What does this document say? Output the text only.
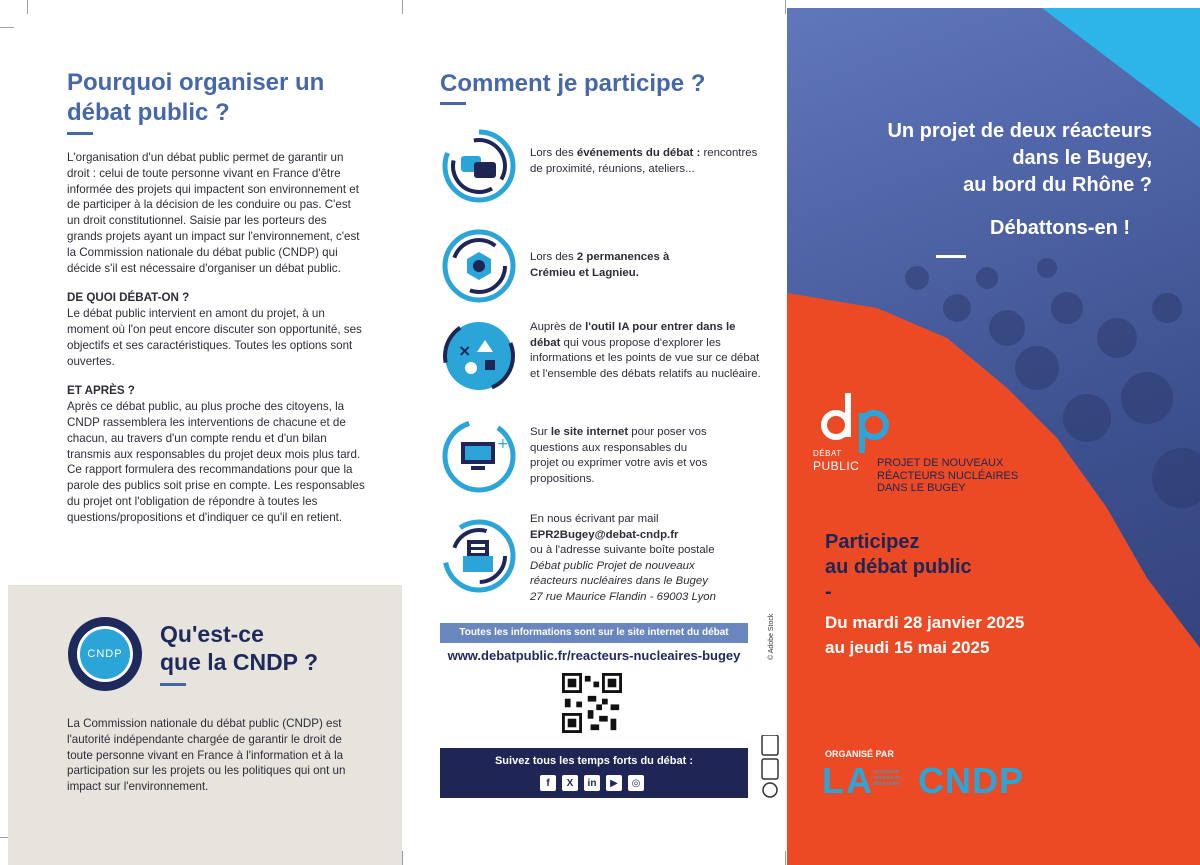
Pourquoi organiser un débat public ?

L'organisation d'un débat public permet de garantir un droit : celui de toute personne vivant en France d'être informée des projets qui impactent son environnement et de participer à la décision de les conduire ou pas. C'est un droit constitutionnel. Saisie par les porteurs des grands projets ayant un impact sur l'environnement, c'est la Commission nationale du débat public (CNDP) qui décide s'il est nécessaire d'organiser un débat public.

DE QUOI DÉBAT-ON ?

Le débat public intervient en amont du projet, à un moment où l'on peut encore discuter son opportunité, ses objectifs et ses caractéristiques. Toutes les options sont ouvertes.

ET APRÈS ?

Après ce débat public, au plus proche des citoyens, la CNDP rassemblera les interventions de chacune et de chacun, au travers d'un compte rendu et d'un bilan transmis aux responsables du projet deux mois plus tard. Ce rapport formulera des recommandations pour que la parole des publics soit prise en compte. Les responsables du projet ont l'obligation de répondre à toutes les questions/propositions et d'indiquer ce qu'il en retient.

CNDP
Qu'est-ce
que la CNDP ?
La Commission nationale du débat public (CNDP) est l'autorité indépendante chargée de garantir le droit de toute personne vivant en France à l'information et à la participation sur les projets ou les politiques qui ont un impact sur l'environnement.
Comment je participe ?
Lors des événements du débat : rencontres de proximité, réunions, ateliers...
Lors des 2 permanences à Crémieu et Lagnieu.
×
Auprès de l'outil IA pour entrer dans le débat qui vous propose d'explorer les informations et les points de vue sur ce débat et l'ensemble des débats relatifs au nucléaire.
+
Sur le site internet pour poser vos questions aux responsables du projet ou exprimer votre avis et vos propositions.
En nous écrivant par mail
EPR2Bugey@debat-cndp.fr
ou à l'adresse suivante boîte postale
Débat public Projet de nouveaux
réacteurs nucléaires dans le Bugey
27 rue Maurice Flandin - 69003 Lyon
Toutes les informations sont sur le site internet du débat
www.debatpublic.fr/reacteurs-nucleaires-bugey
Suivez tous les temps forts du débat :
f	X	in	▶	◎
© Adobe Stock
Un projet de deux réacteurs
dans le Bugey,
au bord du Rhône ?
Débattons-en !
DÉBAT
PUBLIC PROJET DE NOUVEAUX
RÉACTEURS NUCLÉAIRES
DANS LE BUGEY
Participez
au débat public
-
Du mardi 28 janvier 2025
au jeudi 15 mai 2025
ORGANISÉ PAR
LA commission nationale du débat public CNDP
